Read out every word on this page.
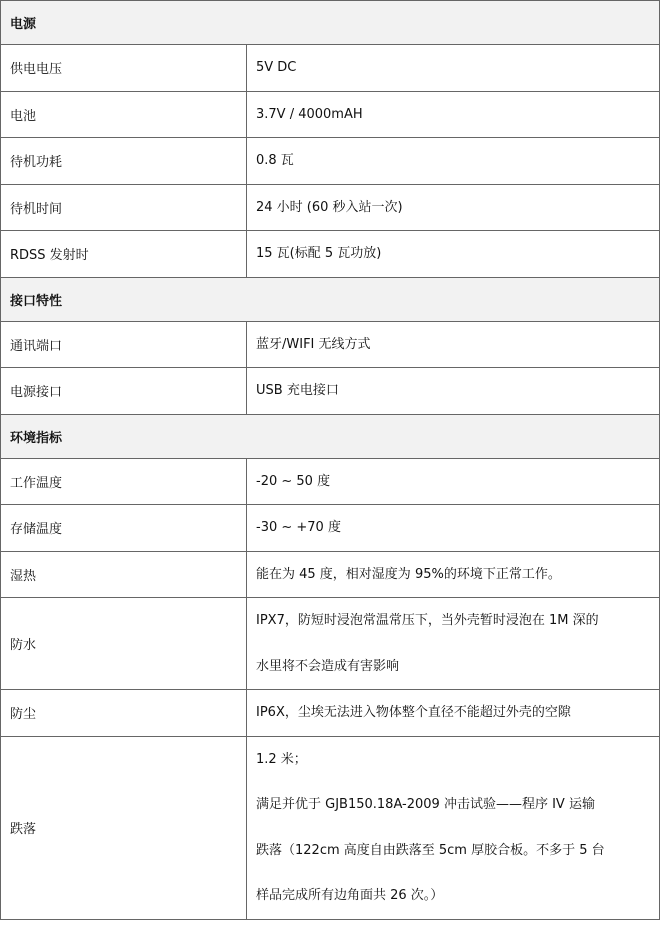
电源	
供电电压	5V DC

电池	3.7V / 4000mAH

待机功耗	0.8 瓦

待机时间	24 小时 (60 秒入站一次)

RDSS 发射时	15 瓦(标配 5 瓦功放)

接口特性	
通讯端口	蓝牙/WIFI 无线方式

电源接口	USB 充电接口

环境指标	
工作温度	-20 ~ 50 度

存储温度	-30 ~ +70 度

湿热	能在为 45 度，相对湿度为 95%的环境下正常工作。

防水	IPX7，防短时浸泡常温常压下，当外壳暂时浸泡在 1M 深的
水里将不会造成有害影响

防尘	IP6X，尘埃无法进入物体整个直径不能超过外壳的空隙

跌落	1.2 米；
满足并优于 GJB150.18A-2009 冲击试验——程序 IV 运输
跌落（122cm 高度自由跌落至 5cm 厚胶合板。不多于 5 台
样品完成所有边角面共 26 次。）
